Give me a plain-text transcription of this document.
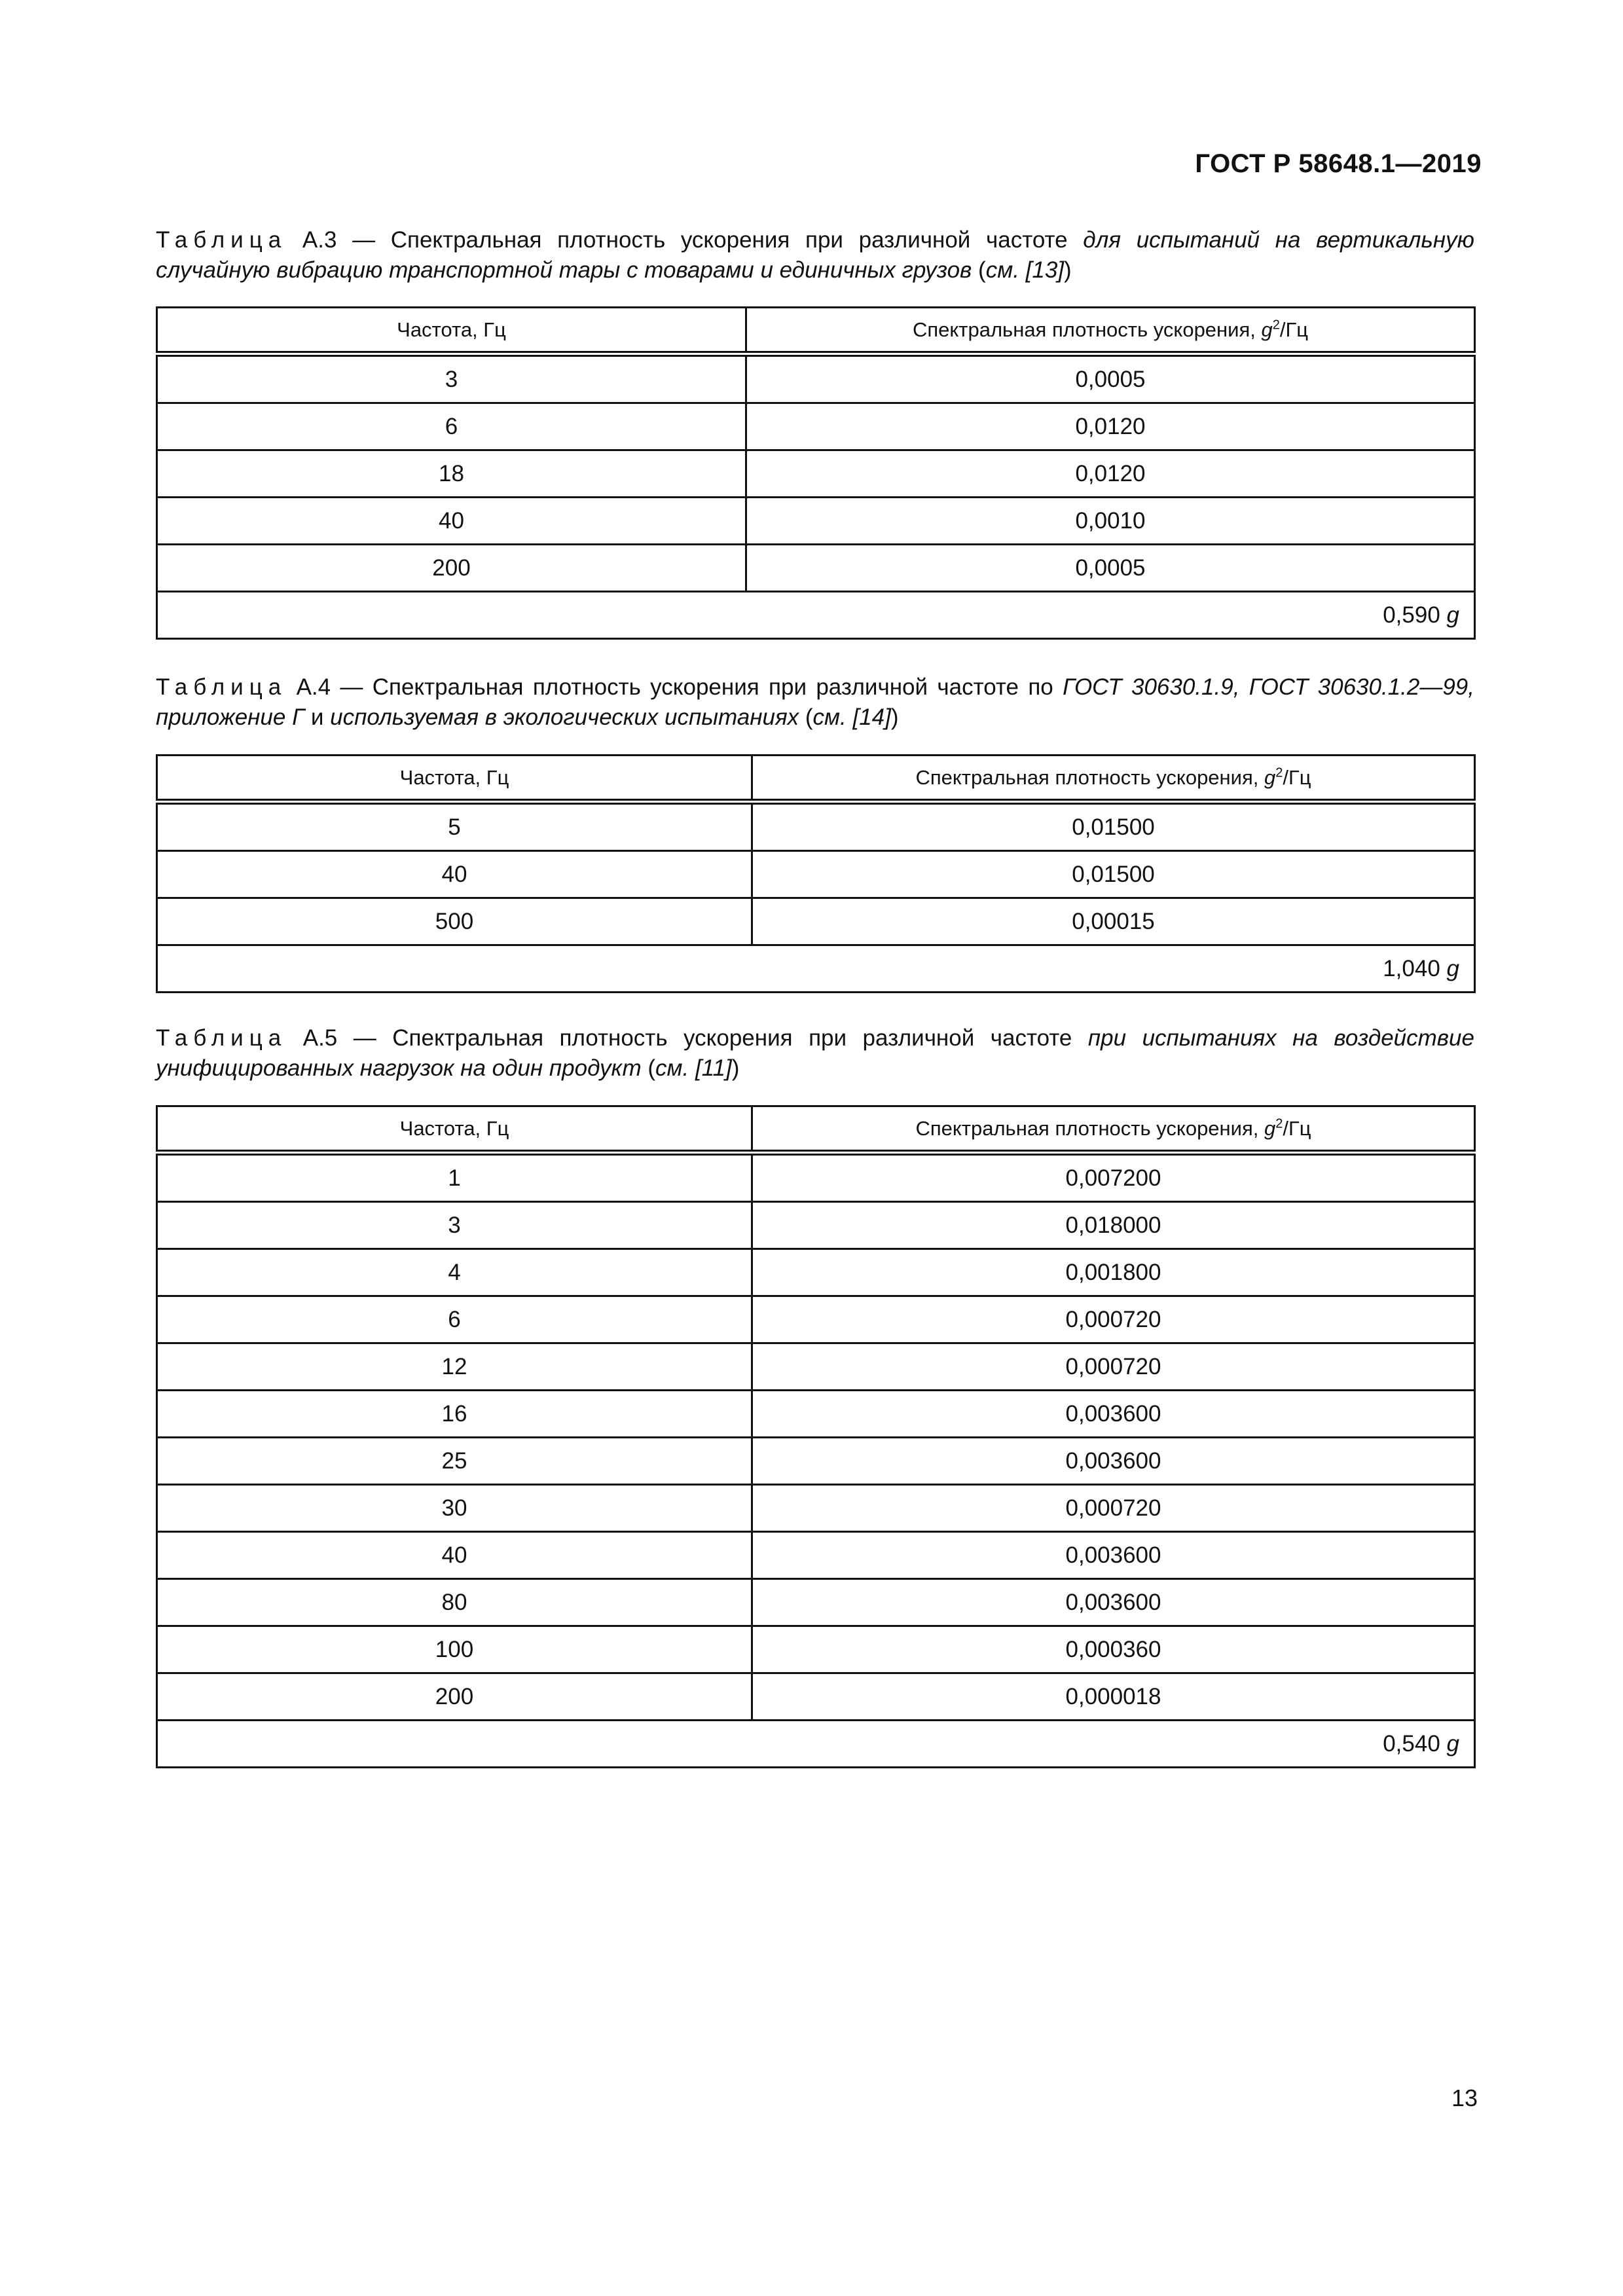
ГОСТ Р 58648.1—2019
Таблица А.3 — Спектральная плотность ускорения при различной частоте для испытаний на вертикальную случайную вибрацию транспортной тары с товарами и единичных грузов (см. [13])
Частота, Гц	Спектральная плотность ускорения, $g^2/Гц$
3	0,0005
6	0,0120
18	0,0120
40	0,0010
200	0,0005
0,590 g	
Таблица А.4 — Спектральная плотность ускорения при различной частоте по ГОСТ 30630.1.9, ГОСТ 30630.1.2—99, приложение Г и используемая в экологических испытаниях (см. [14])
Частота, Гц	Спектральная плотность ускорения, $g^2/Гц$
5	0,01500
40	0,01500
500	0,00015
1,040 g	
Таблица А.5 — Спектральная плотность ускорения при различной частоте при испытаниях на воздействие унифицированных нагрузок на один продукт (см. [11])
Частота, Гц	Спектральная плотность ускорения, $g^2/Гц$
1	0,007200
3	0,018000
4	0,001800
6	0,000720
12	0,000720
16	0,003600
25	0,003600
30	0,000720
40	0,003600
80	0,003600
100	0,000360
200	0,000018
0,540 g	
13
